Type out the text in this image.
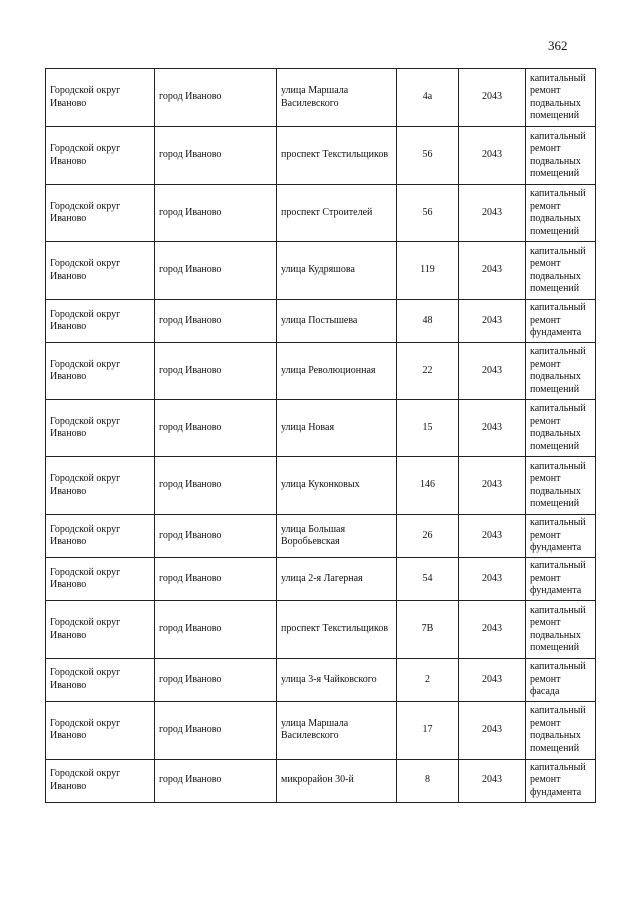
362
Городской округ Иваново	город Иваново	улица Маршала Василевского	4а	2043	капитальный ремонт подвальных помещений
Городской округ Иваново	город Иваново	проспект Текстильщиков	56	2043	капитальный ремонт подвальных помещений
Городской округ Иваново	город Иваново	проспект Строителей	56	2043	капитальный ремонт подвальных помещений
Городской округ Иваново	город Иваново	улица Кудряшова	119	2043	капитальный ремонт подвальных помещений
Городской округ Иваново	город Иваново	улица Постышева	48	2043	капитальный ремонт фундамента
Городской округ Иваново	город Иваново	улица Революционная	22	2043	капитальный ремонт подвальных помещений
Городской округ Иваново	город Иваново	улица Новая	15	2043	капитальный ремонт подвальных помещений
Городской округ Иваново	город Иваново	улица Куконковых	146	2043	капитальный ремонт подвальных помещений
Городской округ Иваново	город Иваново	улица Большая Воробьевская	26	2043	капитальный ремонт фундамента
Городской округ Иваново	город Иваново	улица 2-я Лагерная	54	2043	капитальный ремонт фундамента
Городской округ Иваново	город Иваново	проспект Текстильщиков	7В	2043	капитальный ремонт подвальных помещений
Городской округ Иваново	город Иваново	улица 3-я Чайковского	2	2043	капитальный ремонт фасада
Городской округ Иваново	город Иваново	улица Маршала Василевского	17	2043	капитальный ремонт подвальных помещений
Городской округ Иваново	город Иваново	микрорайон 30-й	8	2043	капитальный ремонт фундамента
